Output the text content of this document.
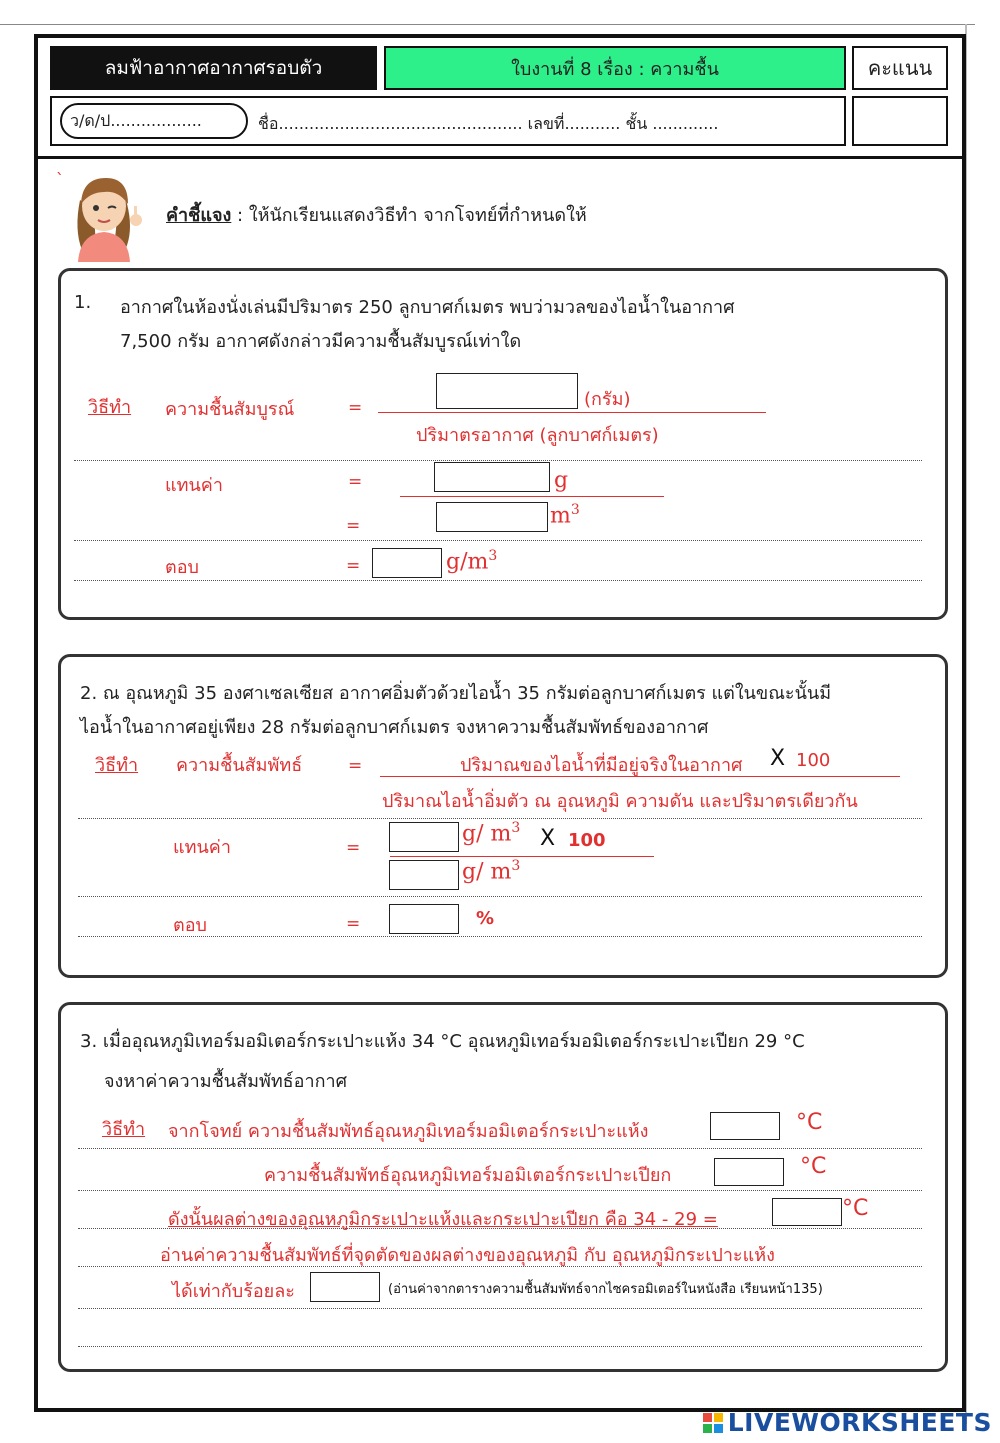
ลมฟ้าอากาศอากาศรอบตัว	ใบงานที่ 8 เรื่อง : ความชื้น	คะแนน
ว/ด/ป..................	ชื่อ................................................ เลขที่........... ชั้น .............
`
คำชี้แจง : ให้นักเรียนแสดงวิธีทำ จากโจทย์ที่กำหนดให้
1. อากาศในห้องนั่งเล่นมีปริมาตร 250 ลูกบาศก์เมตร พบว่ามวลของไอน้ำในอากาศ
7,500 กรัม อากาศดังกล่าวมีความชื้นสัมบูรณ์เท่าใด
วิธีทำ ความชื้นสัมบูรณ์	=	(กรัม)
ปริมาตรอากาศ (ลูกบาศก์เมตร)
แทนค่า	=	g
=	$m^3$
ตอบ	=	$g/m^3$
2. ณ อุณหภูมิ 35 องศาเซลเซียส อากาศอิ่มตัวด้วยไอน้ำ 35 กรัมต่อลูกบาศก์เมตร แต่ในขณะนั้นมี
ไอน้ำในอากาศอยู่เพียง 28 กรัมต่อลูกบาศก์เมตร จงหาความชื้นสัมพัทธ์ของอากาศ
วิธีทำ ความชื้นสัมพัทธ์	=	ปริมาณของไอน้ำที่มีอยู่จริงในอากาศ X 100
ปริมาณไอน้ำอิ่มตัว ณ อุณหภูมิ ความดัน และปริมาตรเดียวกัน
แทนค่า	=
g/ $m^3$ X 100
g/ $m^3$
ตอบ	=	%
3. เมื่ออุณหภูมิเทอร์มอมิเตอร์กระเปาะแห้ง 34 °C อุณหภูมิเทอร์มอมิเตอร์กระเปาะเปียก 29 °C
จงหาค่าความชื้นสัมพัทธ์อากาศ
วิธีทำ จากโจทย์ ความชื้นสัมพัทธ์อุณหภูมิเทอร์มอมิเตอร์กระเปาะแห้ง	°C
ความชื้นสัมพัทธ์อุณหภูมิเทอร์มอมิเตอร์กระเปาะเปียก	°C
ดังนั้นผลต่างของอุณหภูมิกระเปาะแห้งและกระเปาะเปียก คือ 34 - 29 =	°C
อ่านค่าความชื้นสัมพัทธ์ที่จุดตัดของผลต่างของอุณหภูมิ กับ อุณหภูมิกระเปาะแห้ง
ได้เท่ากับร้อยละ	(อ่านค่าจากตารางความชื้นสัมพัทธ์จากไซครอมิเตอร์ในหนังสือ เรียนหน้า135)
LIVEWORKSHEETS
